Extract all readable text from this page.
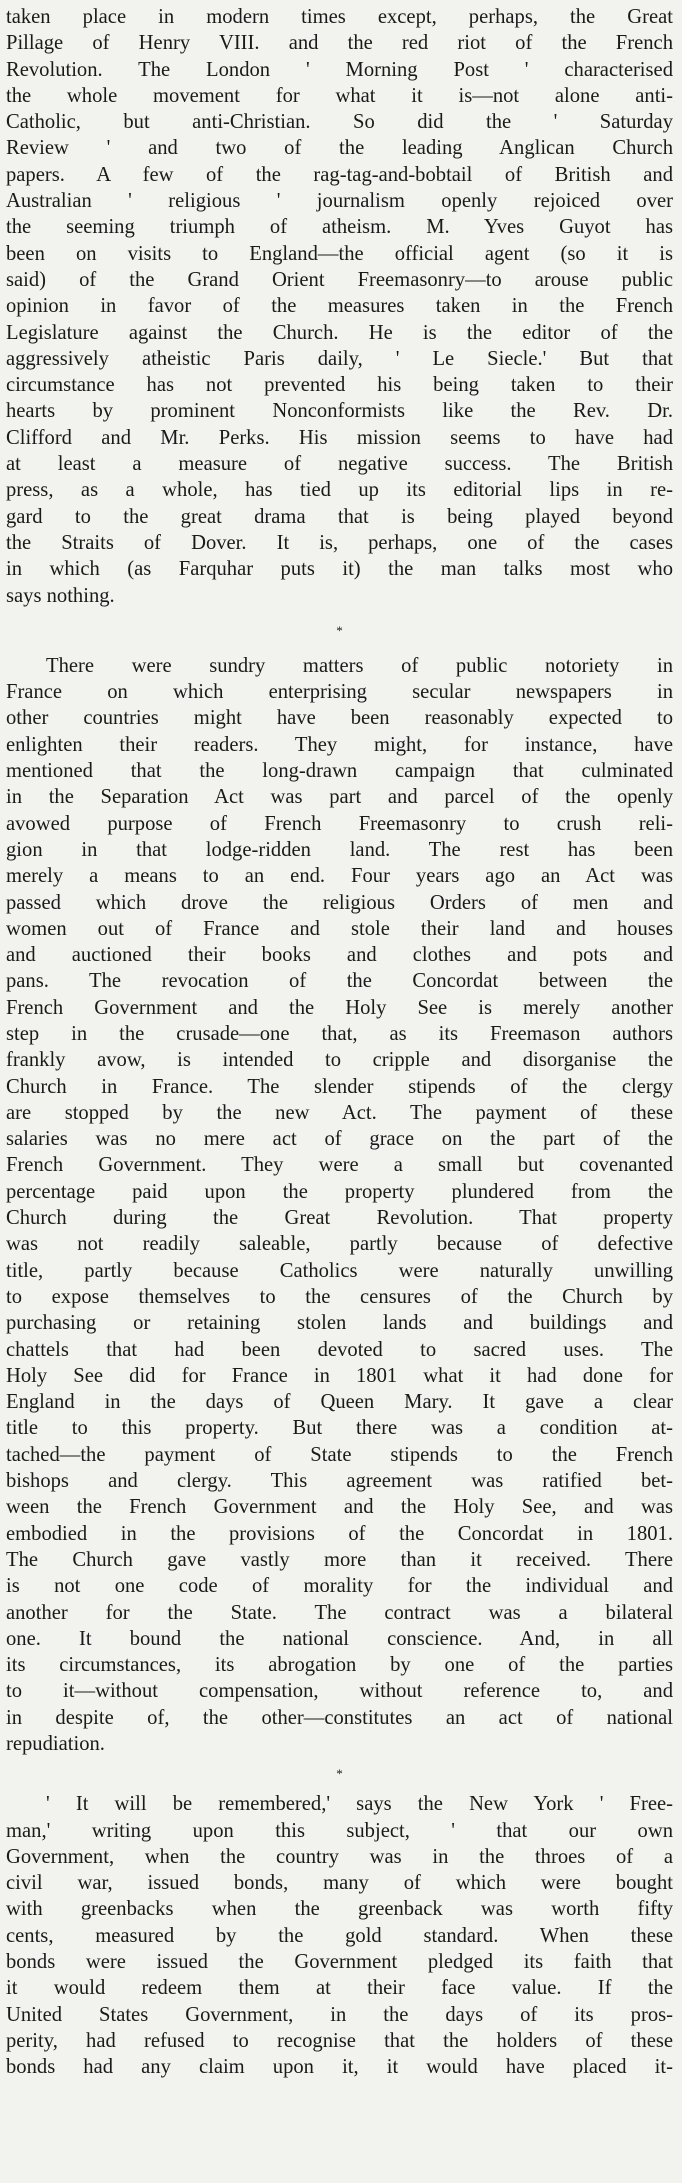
taken place in modern times except, perhaps, the Great

Pillage of Henry VIII. and the red riot of the French

Revolution. The London ' Morning Post ' characterised

the whole movement for what it is—not alone anti-

Catholic, but anti-Christian. So did the ' Saturday

Review ' and two of the leading Anglican Church

papers. A few of the rag-tag-and-bobtail of British and

Australian ' religious ' journalism openly rejoiced over

the seeming triumph of atheism. M. Yves Guyot has

been on visits to England—the official agent (so it is

said) of the Grand Orient Freemasonry—to arouse public

opinion in favor of the measures taken in the French

Legislature against the Church. He is the editor of the

aggressively atheistic Paris daily, ' Le Siecle.' But that

circumstance has not prevented his being taken to their

hearts by prominent Nonconformists like the Rev. Dr.

Clifford and Mr. Perks. His mission seems to have had

at least a measure of negative success. The British

press, as a whole, has tied up its editorial lips in re-

gard to the great drama that is being played beyond

the Straits of Dover. It is, perhaps, one of the cases

in which (as Farquhar puts it) the man talks most who

says nothing.

*

There were sundry matters of public notoriety in

France on which enterprising secular newspapers in

other countries might have been reasonably expected to

enlighten their readers. They might, for instance, have

mentioned that the long-drawn campaign that culminated

in the Separation Act was part and parcel of the openly

avowed purpose of French Freemasonry to crush reli-

gion in that lodge-ridden land. The rest has been

merely a means to an end. Four years ago an Act was

passed which drove the religious Orders of men and

women out of France and stole their land and houses

and auctioned their books and clothes and pots and

pans. The revocation of the Concordat between the

French Government and the Holy See is merely another

step in the crusade—one that, as its Freemason authors

frankly avow, is intended to cripple and disorganise the

Church in France. The slender stipends of the clergy

are stopped by the new Act. The payment of these

salaries was no mere act of grace on the part of the

French Government. They were a small but covenanted

percentage paid upon the property plundered from the

Church during the Great Revolution. That property

was not readily saleable, partly because of defective

title, partly because Catholics were naturally unwilling

to expose themselves to the censures of the Church by

purchasing or retaining stolen lands and buildings and

chattels that had been devoted to sacred uses. The

Holy See did for France in 1801 what it had done for

England in the days of Queen Mary. It gave a clear

title to this property. But there was a condition at-

tached—the payment of State stipends to the French

bishops and clergy. This agreement was ratified bet-

ween the French Government and the Holy See, and was

embodied in the provisions of the Concordat in 1801.

The Church gave vastly more than it received. There

is not one code of morality for the individual and

another for the State. The contract was a bilateral

one. It bound the national conscience. And, in all

its circumstances, its abrogation by one of the parties

to it—without compensation, without reference to, and

in despite of, the other—constitutes an act of national

repudiation.

*

' It will be remembered,' says the New York ' Free-

man,' writing upon this subject, ' that our own

Government, when the country was in the throes of a

civil war, issued bonds, many of which were bought

with greenbacks when the greenback was worth fifty

cents, measured by the gold standard. When these

bonds were issued the Government pledged its faith that

it would redeem them at their face value. If the

United States Government, in the days of its pros-

perity, had refused to recognise that the holders of these

bonds had any claim upon it, it would have placed it-
